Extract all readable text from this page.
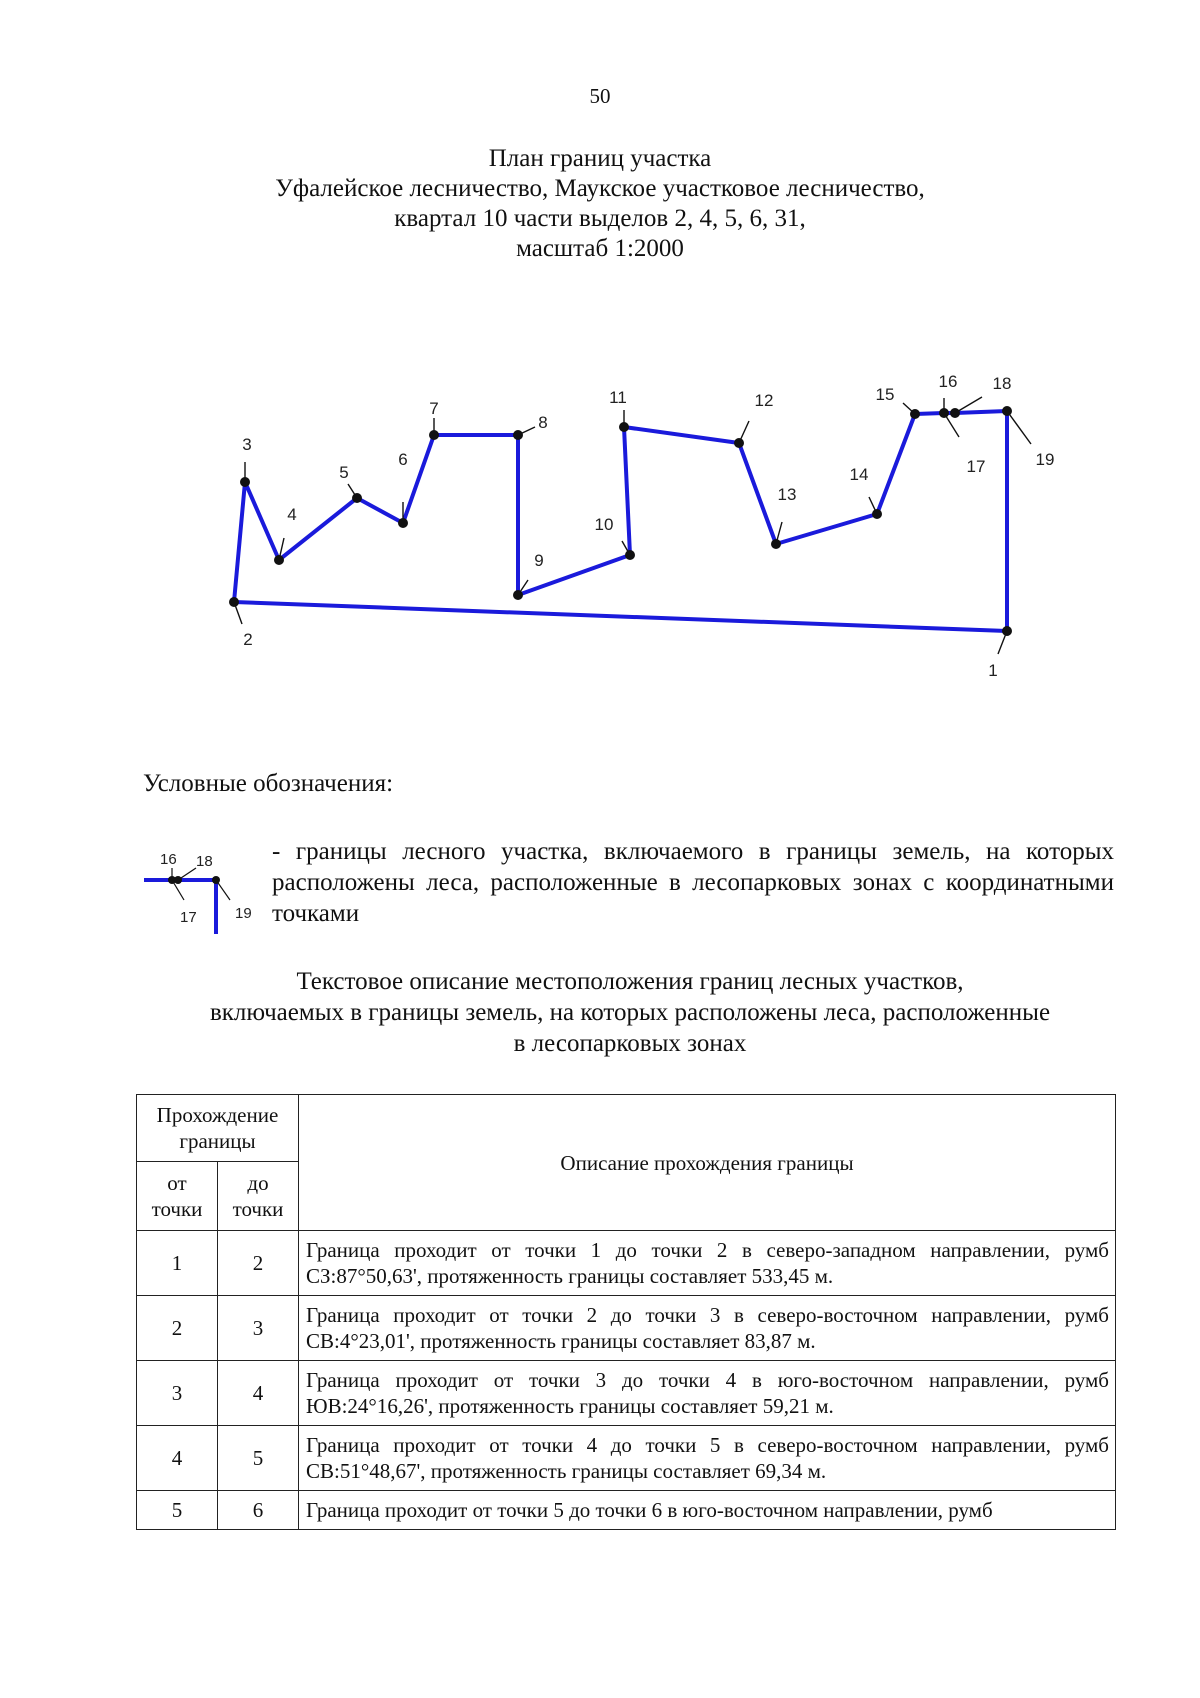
50
План границ участка
Уфалейское лесничество, Маукское участковое лесничество,
квартал 10 части выделов 2, 4, 5, 6, 31,
масштаб 1:2000
1
2
3
4
5
6
7
8
9
10
11	12
13
14
15
16
17
18
19
Условные обозначения:
16
17
18
19
- границы лесного участка, включаемого в границы земель, на которых расположены леса, расположенные в лесопарковых зонах с координатными точками
Текстовое описание местоположения границ лесных участков,
включаемых в границы земель, на которых расположены леса, расположенные
в лесопарковых зонах
Прохождение границы		Описание прохождения границы
от точки	до точки	
1	2	Граница проходит от точки 1 до точки 2 в северо-западном направлении, румб СЗ:87°50,63', протяженность границы составляет 533,45 м.
2	3	Граница проходит от точки 2 до точки 3 в северо-восточном направлении, румб СВ:4°23,01', протяженность границы составляет 83,87 м.
3	4	Граница проходит от точки 3 до точки 4 в юго-восточном направлении, румб ЮВ:24°16,26', протяженность границы составляет 59,21 м.
4	5	Граница проходит от точки 4 до точки 5 в северо-восточном направлении, румб СВ:51°48,67', протяженность границы составляет 69,34 м.
5	6	Граница проходит от точки 5 до точки 6 в юго-восточном направлении, румб
